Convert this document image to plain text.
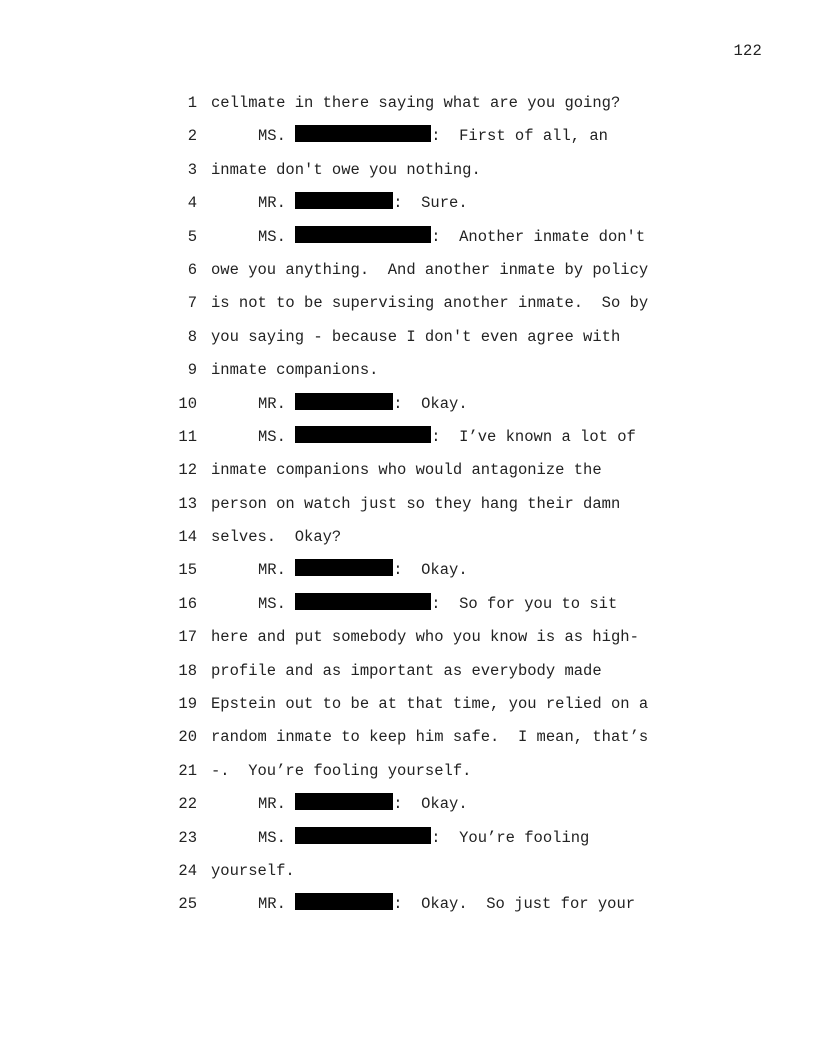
122
1 cellmate in there saying what are you going?
2	MS.	:  First of all, an
3 inmate don't owe you nothing.
4	MR.	:  Sure.
5	MS.	:  Another inmate don't
6 owe you anything.  And another inmate by policy
7 is not to be supervising another inmate.  So by
8 you saying - because I don't even agree with
9 inmate companions.
10	MR.	:  Okay.
11	MS.	:  I’ve known a lot of
12 inmate companions who would antagonize the
13 person on watch just so they hang their damn
14 selves.  Okay?
15	MR.	:  Okay.
16	MS.	:  So for you to sit
17 here and put somebody who you know is as high-
18 profile and as important as everybody made
19 Epstein out to be at that time, you relied on a
20 random inmate to keep him safe.  I mean, that’s
21 -.  You’re fooling yourself.
22	MR.	:  Okay.
23	MS.	:  You’re fooling
24 yourself.
25	MR.	:  Okay.  So just for your
